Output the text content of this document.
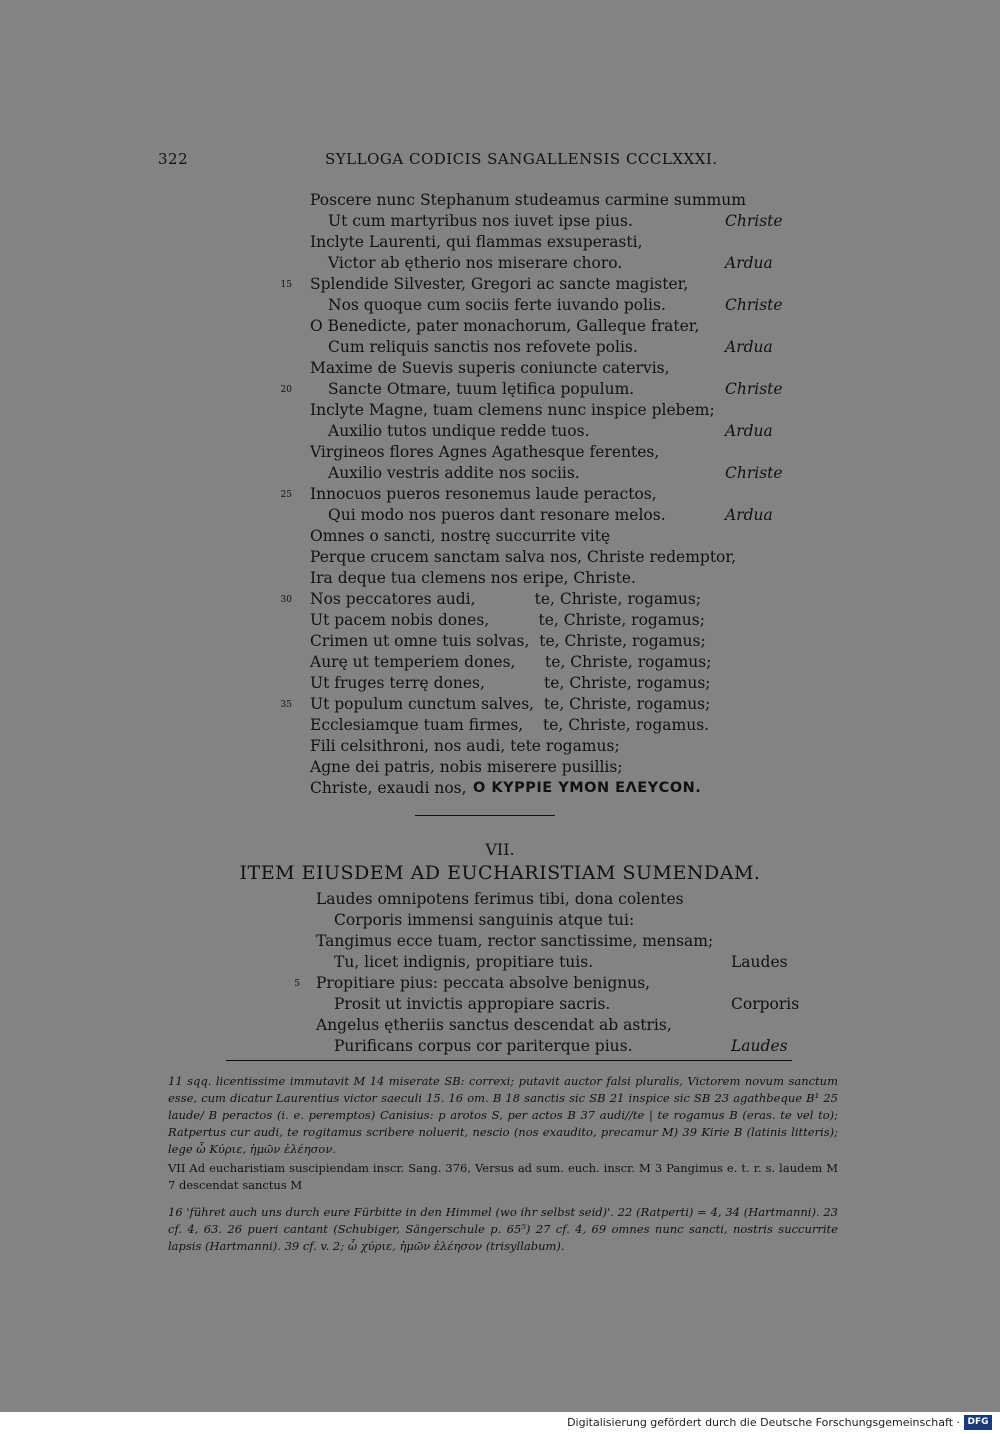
322	SYLLOGA CODICIS SANGALLENSIS CCCLXXXI.
Poscere nunc Stephanum studeamus carmine summum
Ut cum martyribus nos iuvet ipse pius.
Inclyte Laurenti, qui flammas exsuperasti,
Victor ab ętherio nos miserare choro.
Splendide Silvester, Gregori ac sancte magister,
Nos quoque cum sociis ferte iuvando polis.
O Benedicte, pater monachorum, Galleque frater,
Cum reliquis sanctis nos refovete polis.
Maxime de Suevis superis coniuncte catervis,
Sancte Otmare, tuum lętifica populum.
Inclyte Magne, tuam clemens nunc inspice plebem;
Auxilio tutos undique redde tuos.
Virgineos flores Agnes Agathesque ferentes,
Auxilio vestris addite nos sociis.
Innocuos pueros resonemus laude peractos,
Qui modo nos pueros dant resonare melos.
Omnes o sancti, nostrę succurrite vitę
Perque crucem sanctam salva nos, Christe redemptor,
Ira deque tua clemens nos eripe, Christe.
Nos peccatores audi,            te, Christe, rogamus;
Ut pacem nobis dones,          te, Christe, rogamus;
Crimen ut omne tuis solvas,  te, Christe, rogamus;
Aurę ut temperiem dones,      te, Christe, rogamus;
Ut fruges terrę dones,            te, Christe, rogamus;
Ut populum cunctum salves,  te, Christe, rogamus;
Ecclesiamque tuam firmes,    te, Christe, rogamus.
Fili celsithroni, nos audi, tete rogamus;
Agne dei patris, nobis miserere pusillis;
Christe, exaudi nos, Ο ΚΥΡΡΙΕ ΥΜΟΝ ΕΛΕΥCΟΝ.
15
20
25
30
35
Christe
Ardua
Christe
Ardua
Christe
Ardua
Christe
Ardua
VII.
ITEM EIUSDEM AD EUCHARISTIAM SUMENDAM.
Laudes omnipotens ferimus tibi, dona colentes
Corporis immensi sanguinis atque tui:
Tangimus ecce tuam, rector sanctissime, mensam;
Tu, licet indignis, propitiare tuis.
Propitiare pius: peccata absolve benignus,
Prosit ut invictis appropiare sacris.
Angelus ętheriis sanctus descendat ab astris,
Purificans corpus cor pariterque pius.
5
Laudes
Corporis
Laudes
11 sqq. licentissime immutavit M 14 miserate SB: correxi; putavit auctor falsi pluralis, Victorem novum sanctum esse, cum dicatur Laurentius victor saeculi 15. 16 om. B 18 sanctis sic SB 21 inspice sic SB 23 agathbeque B¹ 25 laude/ B peractos (i. e. peremptos) Canisius: p arotos S, per actos B 37 audi//te | te rogamus B (eras. te vel to); Ratpertus cur audi, te rogitamus scribere noluerit, nescio (nos exaudito, precamur M) 39 Kirie B (latinis litteris); lege ὦ Κύριε, ἡμῶν ἐλέησον.
VII Ad eucharistiam suscipiendam inscr. Sang. 376, Versus ad sum. euch. inscr. M 3 Pangimus e. t. r. s. laudem M 7 descendat sanctus M
16 'führet auch uns durch eure Fürbitte in den Himmel (wo ihr selbst seid)'. 22 (Ratperti) = 4, 34 (Hartmanni). 23 cf. 4, 63. 26 pueri cantant (Schubiger, Sängerschule p. 65⁵) 27 cf. 4, 69 omnes nunc sancti, nostris succurrite lapsis (Hartmanni). 39 cf. v. 2; ὦ χύριε, ἡμῶν ἐλέησον (trisyllabum).
Digitalisierung gefördert durch die Deutsche Forschungsgemeinschaft · DFG
